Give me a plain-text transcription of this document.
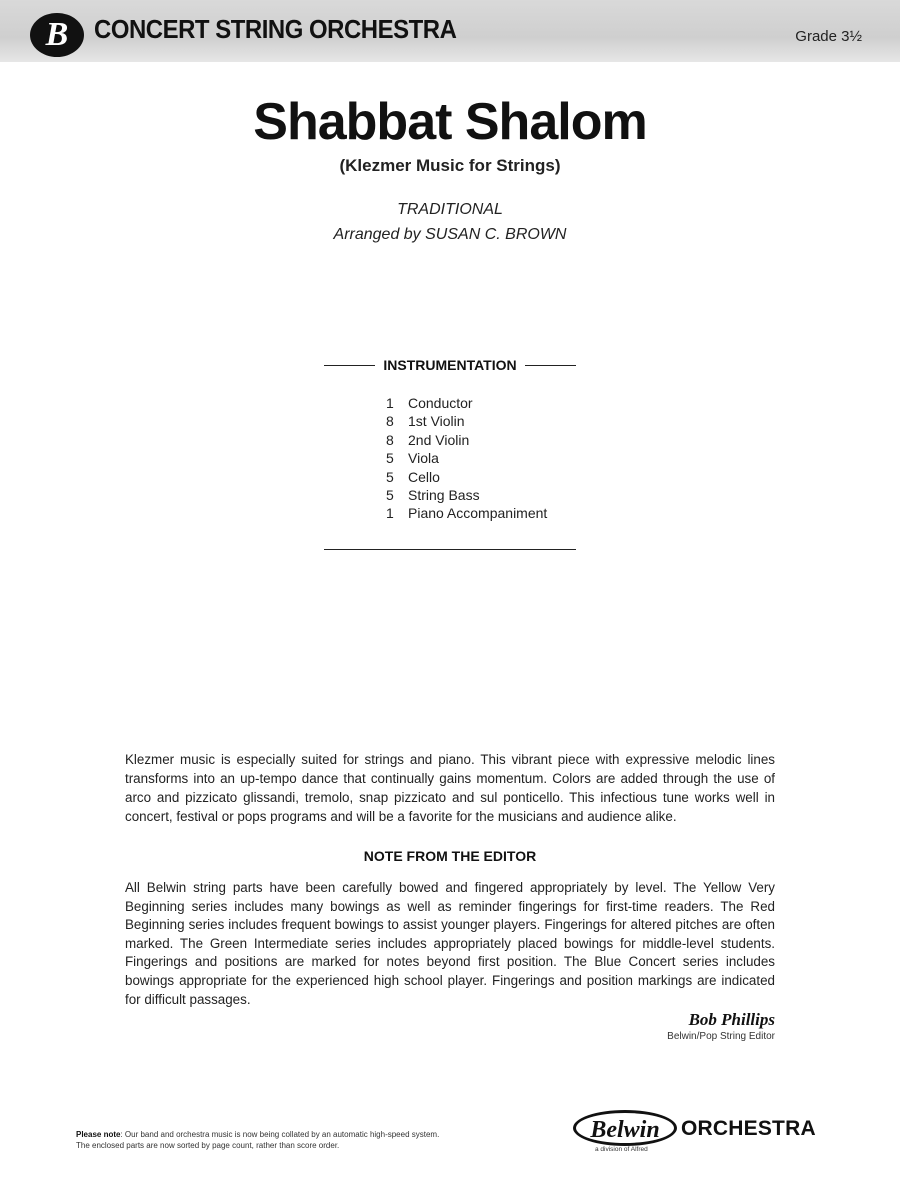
B CONCERT STRING ORCHESTRA	Grade 3½
Shabbat Shalom
(Klezmer Music for Strings)
TRADITIONAL
Arranged by SUSAN C. BROWN
INSTRUMENTATION
1	Conductor
8	1st Violin
8	2nd Violin
5	Viola
5	Cello
5	String Bass
1	Piano Accompaniment
Klezmer music is especially suited for strings and piano. This vibrant piece with expressive melodic lines transforms into an up-tempo dance that continually gains momentum. Colors are added through the use of arco and pizzicato glissandi, tremolo, snap pizzicato and sul ponticello. This infectious tune works well in concert, festival or pops programs and will be a favorite for the musicians and audience alike.
NOTE FROM THE EDITOR
All Belwin string parts have been carefully bowed and fingered appropriately by level. The Yellow Very Beginning series includes many bowings as well as reminder fingerings for first-time readers. The Red Beginning series includes frequent bowings to assist younger players. Fingerings for altered pitches are often marked. The Green Intermediate series includes appropriately placed bowings for middle-level students. Fingerings and positions are marked for notes beyond first position. The Blue Concert series includes bowings appropriate for the experienced high school player. Fingerings and position markings are indicated for difficult passages.
Bob Phillips
Belwin/Pop String Editor
Please note: Our band and orchestra music is now being collated by an automatic high-speed system.
The enclosed parts are now sorted by page count, rather than score order.
Belwin	ORCHESTRA
a division of Alfred
